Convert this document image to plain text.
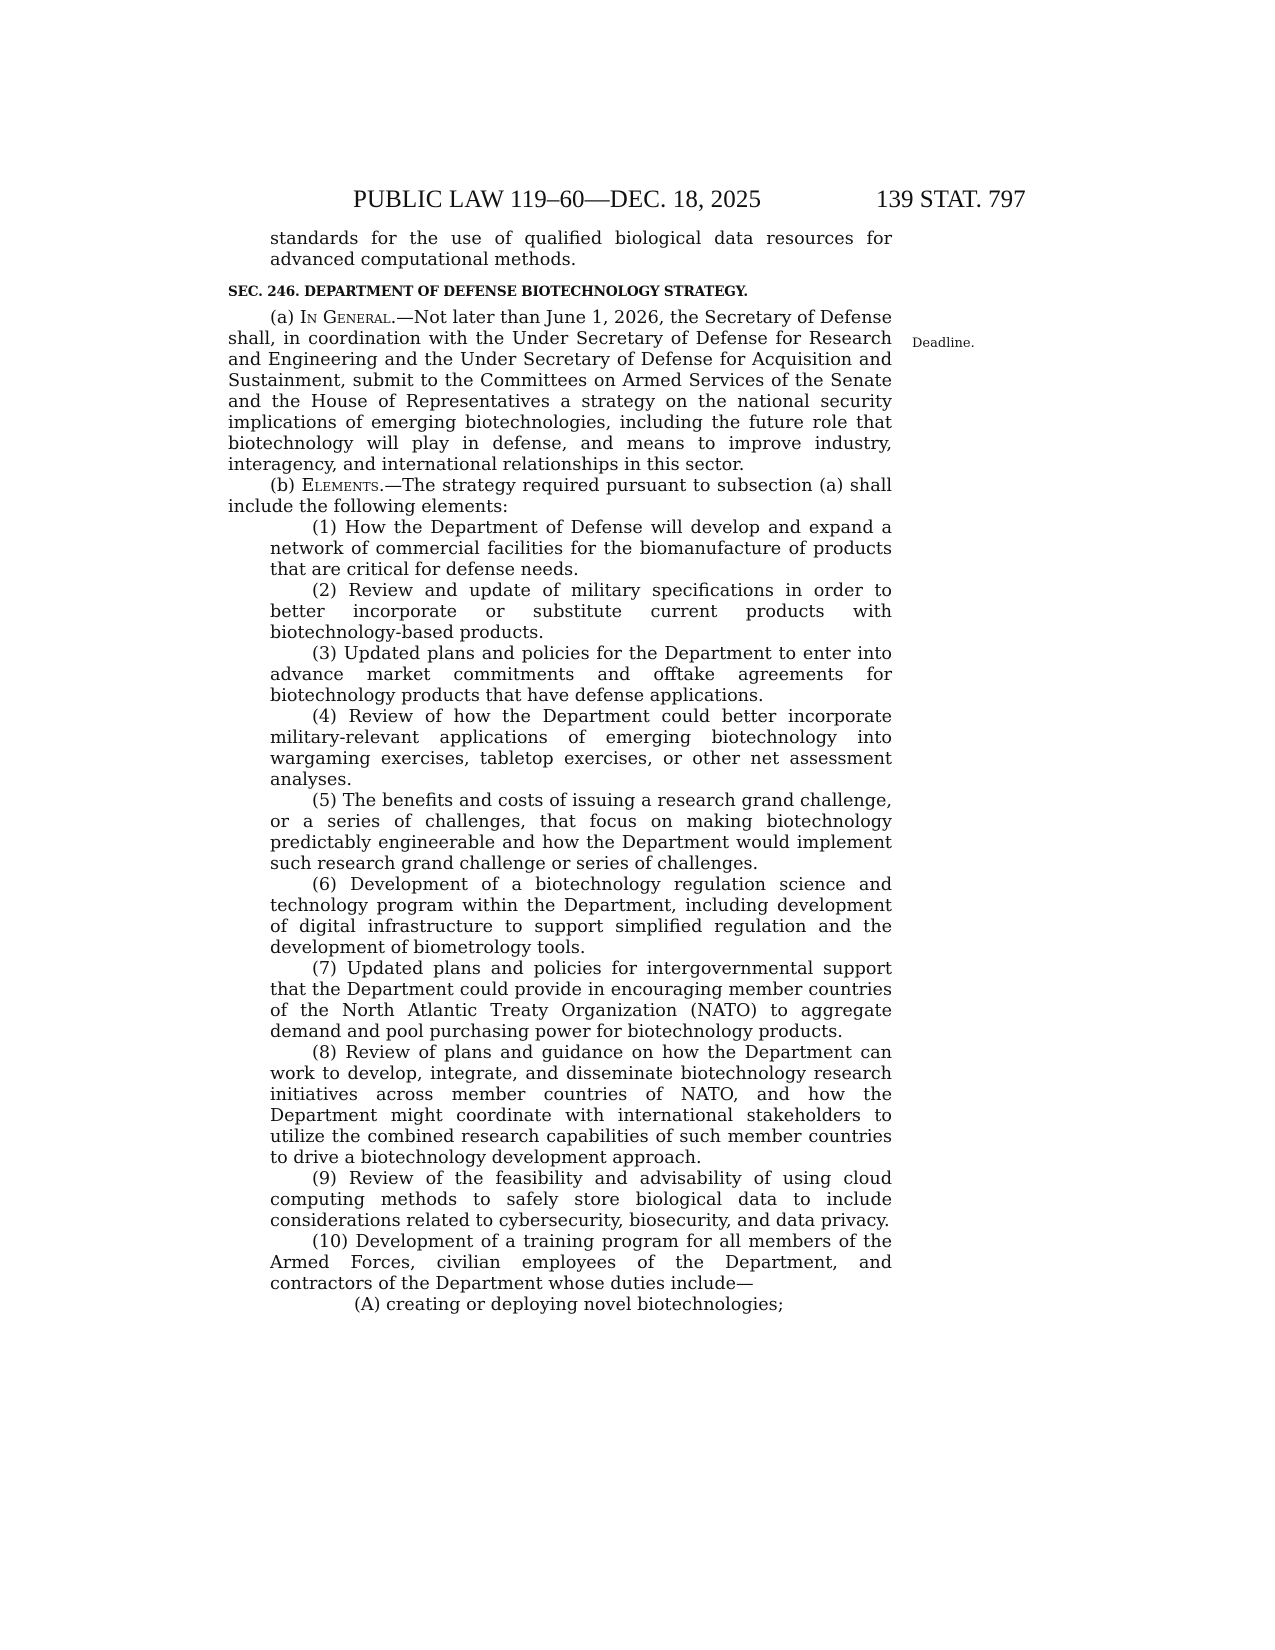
PUBLIC LAW 119–60—DEC. 18, 2025	139 STAT. 797

standards for the use of qualified biological data resources for advanced computational methods.

SEC. 246. DEPARTMENT OF DEFENSE BIOTECHNOLOGY STRATEGY.

Deadline.

(a) In General.—Not later than June 1, 2026, the Secretary of Defense shall, in coordination with the Under Secretary of Defense for Research and Engineering and the Under Secretary of Defense for Acquisition and Sustainment, submit to the Committees on Armed Services of the Senate and the House of Representatives a strategy on the national security implications of emerging biotechnologies, including the future role that biotechnology will play in defense, and means to improve industry, interagency, and international relationships in this sector.

(b) Elements.—The strategy required pursuant to subsection (a) shall include the following elements:

(1) How the Department of Defense will develop and expand a network of commercial facilities for the biomanufacture of products that are critical for defense needs.

(2) Review and update of military specifications in order to better incorporate or substitute current products with biotechnology-based products.

(3) Updated plans and policies for the Department to enter into advance market commitments and offtake agreements for biotechnology products that have defense applications.

(4) Review of how the Department could better incorporate military-relevant applications of emerging biotechnology into wargaming exercises, tabletop exercises, or other net assessment analyses.

(5) The benefits and costs of issuing a research grand challenge, or a series of challenges, that focus on making biotechnology predictably engineerable and how the Department would implement such research grand challenge or series of challenges.

(6) Development of a biotechnology regulation science and technology program within the Department, including development of digital infrastructure to support simplified regulation and the development of biometrology tools.

(7) Updated plans and policies for intergovernmental support that the Department could provide in encouraging member countries of the North Atlantic Treaty Organization (NATO) to aggregate demand and pool purchasing power for biotechnology products.

(8) Review of plans and guidance on how the Department can work to develop, integrate, and disseminate biotechnology research initiatives across member countries of NATO, and how the Department might coordinate with international stakeholders to utilize the combined research capabilities of such member countries to drive a biotechnology development approach.

(9) Review of the feasibility and advisability of using cloud computing methods to safely store biological data to include considerations related to cybersecurity, biosecurity, and data privacy.

(10) Development of a training program for all members of the Armed Forces, civilian employees of the Department, and contractors of the Department whose duties include—

(A) creating or deploying novel biotechnologies;
